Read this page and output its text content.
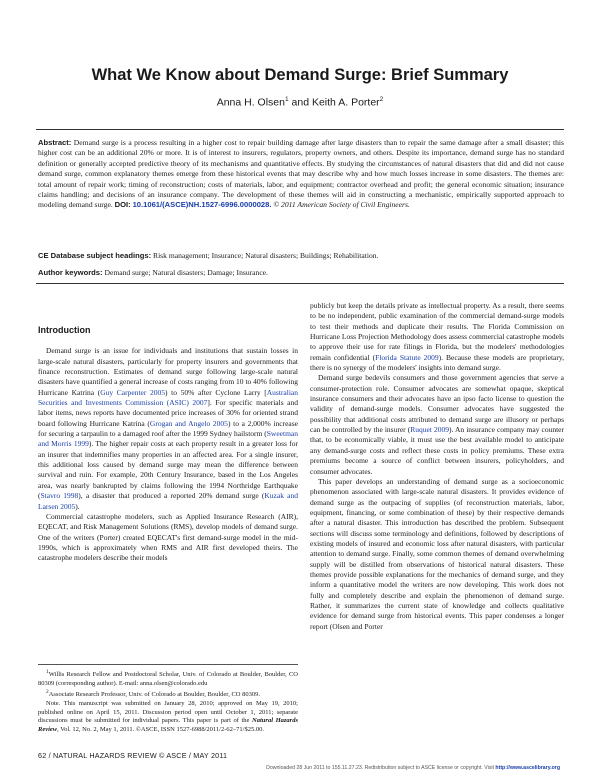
What We Know about Demand Surge: Brief Summary
Anna H. Olsen$^1$ and Keith A. Porter$^2$
Abstract: Demand surge is a process resulting in a higher cost to repair building damage after large disasters than to repair the same damage after a small disaster; this higher cost can be an additional 20% or more. It is of interest to insurers, regulators, property owners, and others. Despite its importance, demand surge has no standard definition or generally accepted predictive theory of its mechanisms and quantitative effects. By studying the circumstances of natural disasters that did and did not cause demand surge, common explanatory themes emerge from these historical events that may describe why and how much losses increase in some disasters. The themes are: total amount of repair work; timing of reconstruction; costs of materials, labor, and equipment; contractor overhead and profit; the general economic situation; insurance claims handling; and decisions of an insurance company. The development of these themes will aid in constructing a mechanistic, empirically supported approach to modeling demand surge. DOI: 10.1061/(ASCE)NH.1527-6996.0000028. © 2011 American Society of Civil Engineers.
CE Database subject headings: Risk management; Insurance; Natural disasters; Buildings; Rehabilitation.
Author keywords: Demand surge; Natural disasters; Damage; Insurance.
Introduction

Demand surge is an issue for individuals and institutions that sustain losses in large-scale natural disasters, particularly for property insurers and governments that finance reconstruction. Estimates of demand surge following large-scale natural disasters have quantified a general increase of costs ranging from 10 to 40% following Hurricane Katrina (Guy Carpenter 2005) to 50% after Cyclone Larry [Australian Securities and Investments Commission (ASIC) 2007]. For specific materials and labor items, news reports have documented price increases of 30% for oriented strand board following Hurricane Katrina (Grogan and Angelo 2005) to a 2,000% increase for securing a tarpaulin to a damaged roof after the 1999 Sydney hailstorm (Sweetman and Morris 1999). The higher repair costs at each property result in a greater loss for an insurer that indemnifies many properties in an affected area. For a single insurer, this additional loss caused by demand surge may mean the difference between survival and ruin. For example, 20th Century Insurance, based in the Los Angeles area, was nearly bankrupted by claims following the 1994 Northridge Earthquake (Stavro 1998), a disaster that produced a reported 20% demand surge (Kuzak and Larsen 2005).

Commercial catastrophe modelers, such as Applied Insurance Research (AIR), EQECAT, and Risk Management Solutions (RMS), develop models of demand surge. One of the writers (Porter) created EQECAT's first demand-surge model in the mid-1990s, which is approximately when RMS and AIR first developed theirs. The catastrophe modelers describe their models

$^1$Willis Research Fellow and Postdoctoral Scholar, Univ. of Colorado at Boulder, Boulder, CO 80309 (corresponding author). E-mail: anna.olsen@colorado.edu

$^2$Associate Research Professor, Univ. of Colorado at Boulder, Boulder, CO 80309.

Note. This manuscript was submitted on January 28, 2010; approved on May 19, 2010; published online on April 15, 2011. Discussion period open until October 1, 2011; separate discussions must be submitted for individual papers. This paper is part of the Natural Hazards Review, Vol. 12, No. 2, May 1, 2011. ©ASCE, ISSN 1527-6988/2011/2-62–71/$25.00.

publicly but keep the details private as intellectual property. As a result, there seems to be no independent, public examination of the commercial demand-surge models to test their methods and duplicate their results. The Florida Commission on Hurricane Loss Projection Methodology does assess commercial catastrophe models to approve their use for rate filings in Florida, but the modelers' methodologies remain confidential (Florida Statute 2009). Because these models are proprietary, there is no synergy of the modelers' insights into demand surge.

Demand surge bedevils consumers and those government agencies that serve a consumer-protection role. Consumer advocates are somewhat opaque, skeptical insurance consumers and their advocates have an ipso facto license to question the validity of demand-surge models. Consumer advocates have suggested the possibility that additional costs attributed to demand surge are illusory or perhaps can be controlled by the insurer (Ruquet 2009). An insurance company may counter that, to be economically viable, it must use the best available model to anticipate any demand-surge costs and reflect these costs in policy premiums. These extra premiums become a source of conflict between insurers, policyholders, and consumer advocates.

This paper develops an understanding of demand surge as a socioeconomic phenomenon associated with large-scale natural disasters. It provides evidence of demand surge as the outpacing of supplies (of reconstruction materials, labor, equipment, financing, or some combination of these) by their respective demands after a natural disaster. This introduction has described the problem. Subsequent sections will discuss some terminology and definitions, followed by descriptions of existing models of insured and economic loss after natural disasters, with particular attention to demand surge. Finally, some common themes of demand overwhelming supply will be distilled from observations of historical natural disasters. These themes provide possible explanations for the mechanics of demand surge, and they inform a quantitative model the writers are now developing. This work does not fully and completely describe and explain the phenomenon of demand surge. Rather, it summarizes the current state of knowledge and collects qualitative evidence for demand surge from historical events. This paper condenses a longer report (Olsen and Porter

62 / NATURAL HAZARDS REVIEW © ASCE / MAY 2011
Downloaded 28 Jun 2011 to 155.11.27.23. Redistribution subject to ASCE license or copyright. Visit http://www.ascelibrary.org
